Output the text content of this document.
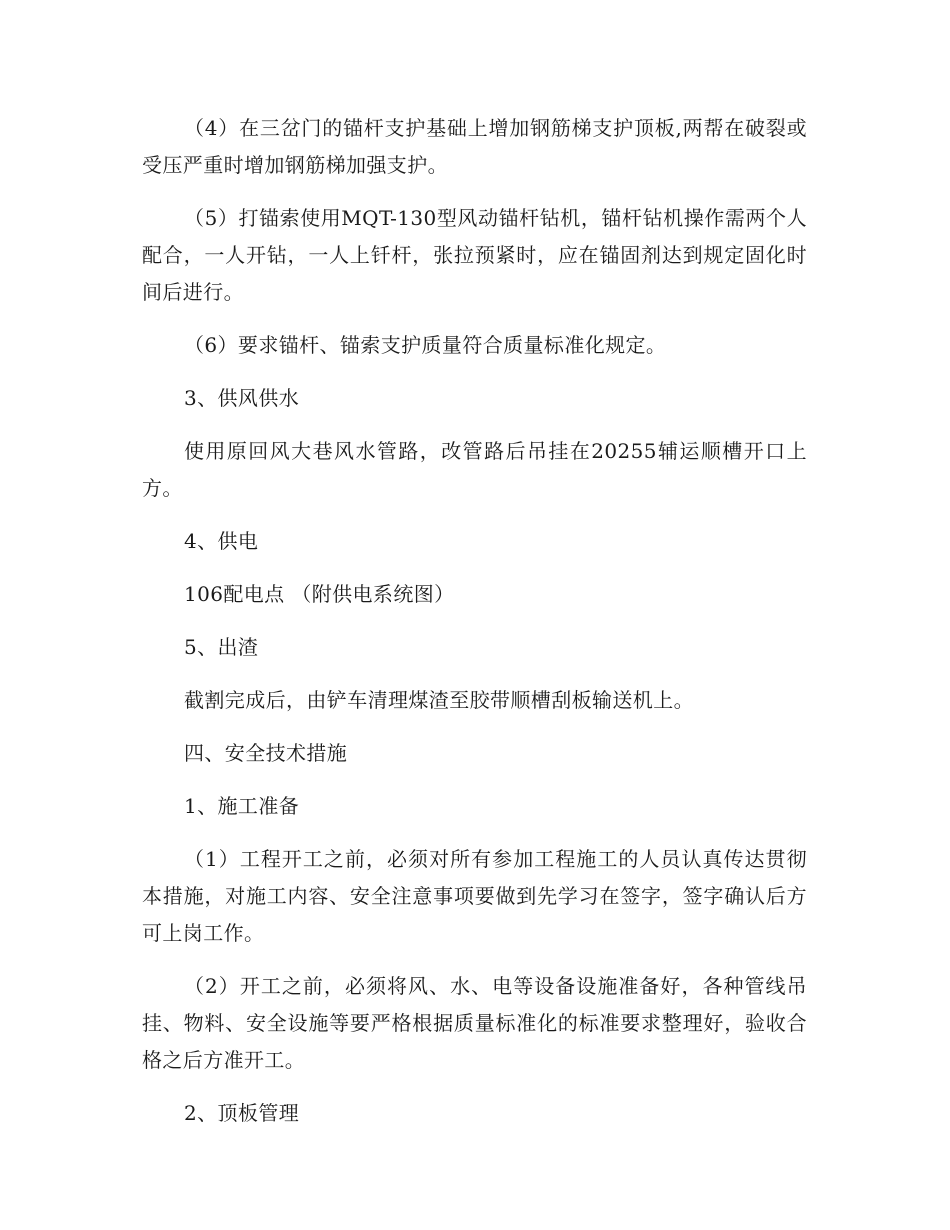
（4）在三岔门的锚杆支护基础上增加钢筋梯支护顶板,两帮在破裂或受压严重时增加钢筋梯加强支护。

（5）打锚索使用MQT-130型风动锚杆钻机，锚杆钻机操作需两个人配合，一人开钻，一人上钎杆，张拉预紧时，应在锚固剂达到规定固化时间后进行。

（6）要求锚杆、锚索支护质量符合质量标准化规定。

3、供风供水

使用原回风大巷风水管路，改管路后吊挂在20255辅运顺槽开口上方。

4、供电

106配电点 （附供电系统图）

5、出渣

截割完成后，由铲车清理煤渣至胶带顺槽刮板输送机上。

四、安全技术措施

1、施工准备

（1）工程开工之前，必须对所有参加工程施工的人员认真传达贯彻本措施，对施工内容、安全注意事项要做到先学习在签字，签字确认后方可上岗工作。

（2）开工之前，必须将风、水、电等设备设施准备好，各种管线吊挂、物料、安全设施等要严格根据质量标准化的标准要求整理好，验收合格之后方准开工。

2、顶板管理
